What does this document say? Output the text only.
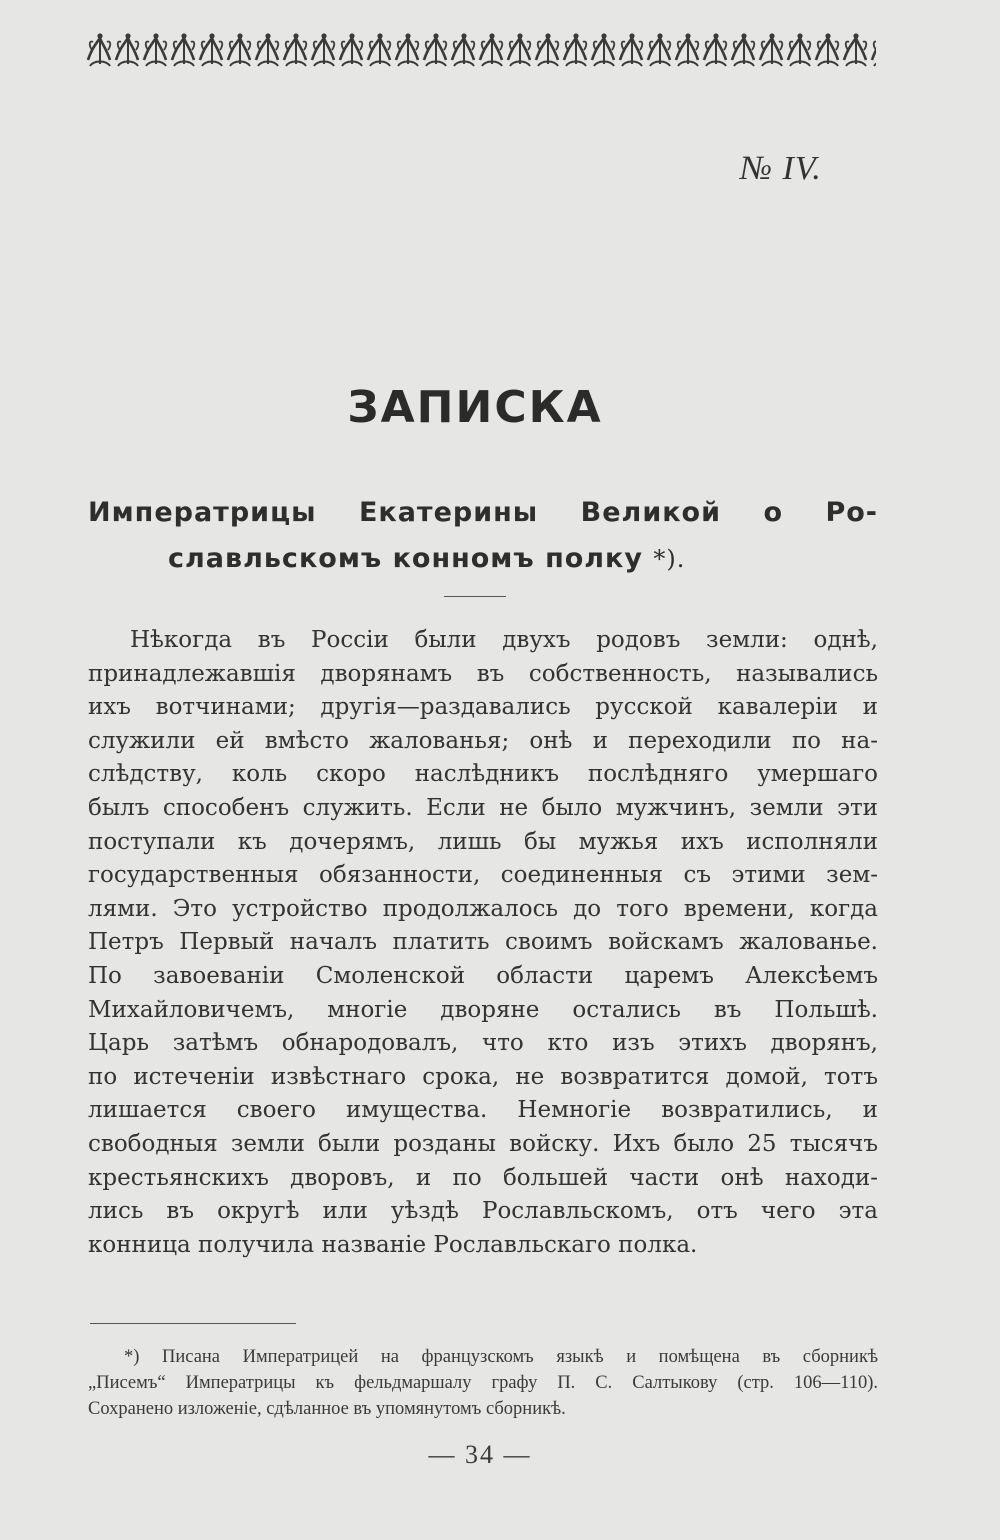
№ IV.
ЗАПИСКА
Императрицы Екатерины Великой о Ро-
славльскомъ конномъ полку *).
Нѣкогда въ Россіи были двухъ родовъ земли: однѣ,
принадлежавшія дворянамъ въ собственность, назывались
ихъ вотчинами; другія—раздавались русской кавалеріи и
служили ей вмѣсто жалованья; онѣ и переходили по на-
слѣдству, коль скоро наслѣдникъ послѣдняго умершаго
былъ способенъ служить. Если не было мужчинъ, земли эти
поступали къ дочерямъ, лишь бы мужья ихъ исполняли
государственныя обязанности, соединенныя съ этими зем-
лями. Это устройство продолжалось до того времени, когда
Петръ Первый началъ платить своимъ войскамъ жалованье.
По завоеваніи Смоленской области царемъ Алексѣемъ
Михайловичемъ, многіе дворяне остались въ Польшѣ.
Царь затѣмъ обнародовалъ, что кто изъ этихъ дворянъ,
по истеченіи извѣстнаго срока, не возвратится домой, тотъ
лишается своего имущества. Немногіе возвратились, и
свободныя земли были розданы войску. Ихъ было 25 тысячъ
крестьянскихъ дворовъ, и по большей части онѣ находи-
лись въ округѣ или уѣздѣ Рославльскомъ, отъ чего эта
конница получила названіе Рославльскаго полка.
*) Писана Императрицей на французскомъ языкѣ и помѣщена въ сборникѣ
„Писемъ“ Императрицы къ фельдмаршалу графу П. С. Салтыкову (стр. 106—110).
Сохранено изложеніе, сдѣланное въ упомянутомъ сборникѣ.
— 34 —
